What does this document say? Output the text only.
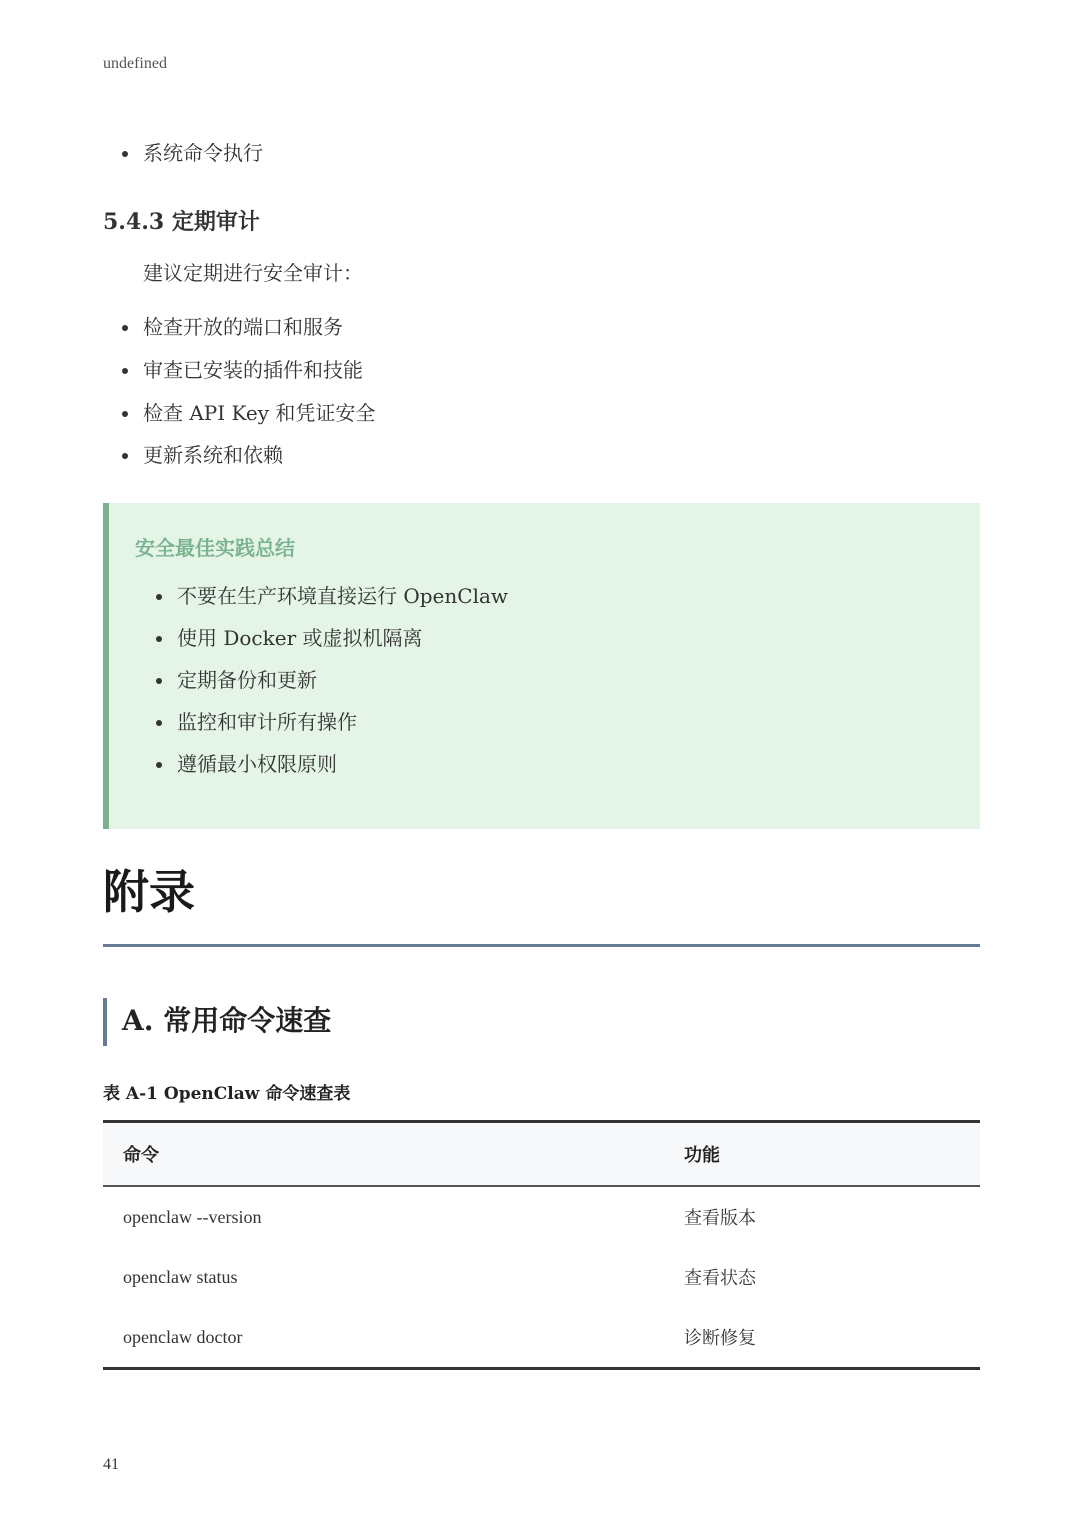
undefined
系统命令执行
5.4.3 定期审计
建议定期进行安全审计：
检查开放的端口和服务
审查已安装的插件和技能
检查 API Key 和凭证安全
更新系统和依赖
安全最佳实践总结
不要在生产环境直接运行 OpenClaw
使用 Docker 或虚拟机隔离
定期备份和更新
监控和审计所有操作
遵循最小权限原则
附录
A. 常用命令速查
表 A-1 OpenClaw 命令速查表
命令	功能
openclaw --version	查看版本
openclaw status	查看状态
openclaw doctor	诊断修复
41
